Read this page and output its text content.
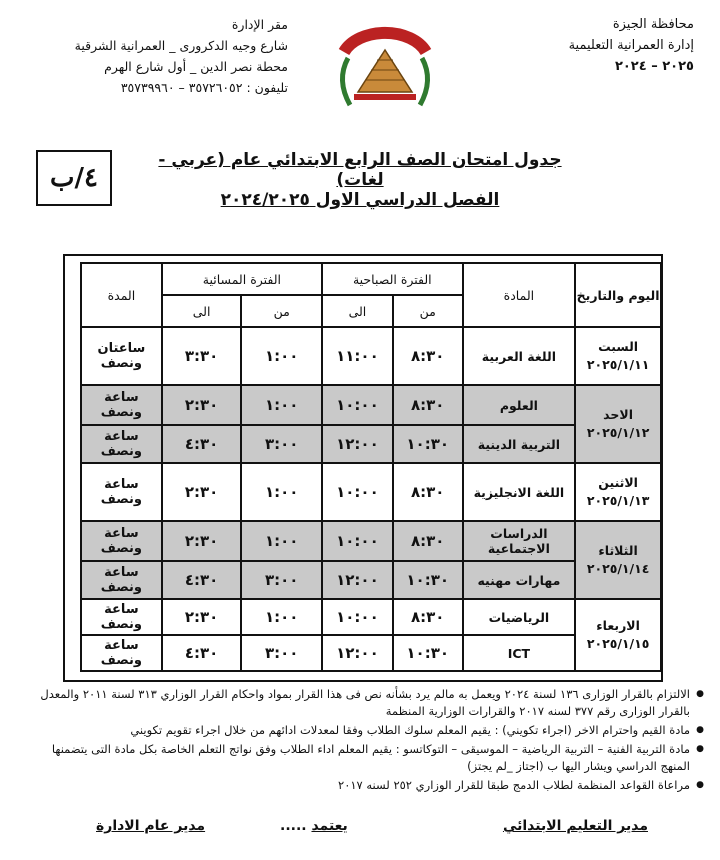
محافظة الجيزة
إدارة العمرانية التعليمية
٢٠٢٥ – ٢٠٢٤
مقر الإدارة
شارع وجيه الدكرورى _ العمرانية الشرقية
محطة نصر الدين _ أول شارع الهرم
تليفون : ٣٥٧٢٦٠٥٢ – ٣٥٧٣٩٩٦٠
٤/ب
جدول امتحان الصف الرابع الابتدائي عام (عربي - لغات)
الفصل الدراسي الاول ٢٠٢٤/٢٠٢٥
اليوم والتاريخ	المادة	الفترة الصباحية		الفترة المسائية		المدة
		من	الى	من	الى	

السبت
٢٠٢٥/١/١١	اللغة العربية	٨:٣٠	١١:٠٠	١:٠٠	٣:٣٠	ساعتان ونصف

الاحد
٢٠٢٥/١/١٢	العلوم	٨:٣٠	١٠:٠٠	١:٠٠	٢:٣٠	ساعة ونصف
	التربية الدينية	١٠:٣٠	١٢:٠٠	٣:٠٠	٤:٣٠	ساعة ونصف

الاثنين
٢٠٢٥/١/١٣	اللغة الانجليزية	٨:٣٠	١٠:٠٠	١:٠٠	٢:٣٠	ساعة ونصف

الثلاثاء
٢٠٢٥/١/١٤	الدراسات الاجتماعية	٨:٣٠	١٠:٠٠	١:٠٠	٢:٣٠	ساعة ونصف
	مهارات مهنيه	١٠:٣٠	١٢:٠٠	٣:٠٠	٤:٣٠	ساعة ونصف

الاربعاء
٢٠٢٥/١/١٥	الرياضيات	٨:٣٠	١٠:٠٠	١:٠٠	٢:٣٠	ساعة ونصف
	ICT	١٠:٣٠	١٢:٠٠	٣:٠٠	٤:٣٠	ساعة ونصف
● الالتزام بالقرار الوزارى ١٣٦ لسنة ٢٠٢٤ ويعمل به مالم يرد بشأنه نص فى هذا القرار بمواد واحكام القرار الوزاري ٣١٣ لسنة ٢٠١١ والمعدل بالقرار الوزارى رقم ٣٧٧ لسنه ٢٠١٧ والقرارات الوزارية المنظمة
● مادة القيم واحترام الاخر (اجراء تكويني) : يقيم المعلم سلوك الطلاب وفقا لمعدلات ادائهم من خلال اجراء تقويم تكويني
● مادة التربية الفنية – التربية الرياضية – الموسيقى – التوكاتسو : يقيم المعلم اداء الطلاب وفق نواتج التعلم الخاصة بكل مادة التى يتضمنها المنهج الدراسي ويشار اليها ب (اجتاز _لم يجتز)
● مراعاة القواعد المنظمة لطلاب الدمج طبقا للقرار الوزاري ٢٥٢ لسنه ٢٠١٧
مدير التعليم الابتدائي
يعتمد .....
مدير عام الادارة
